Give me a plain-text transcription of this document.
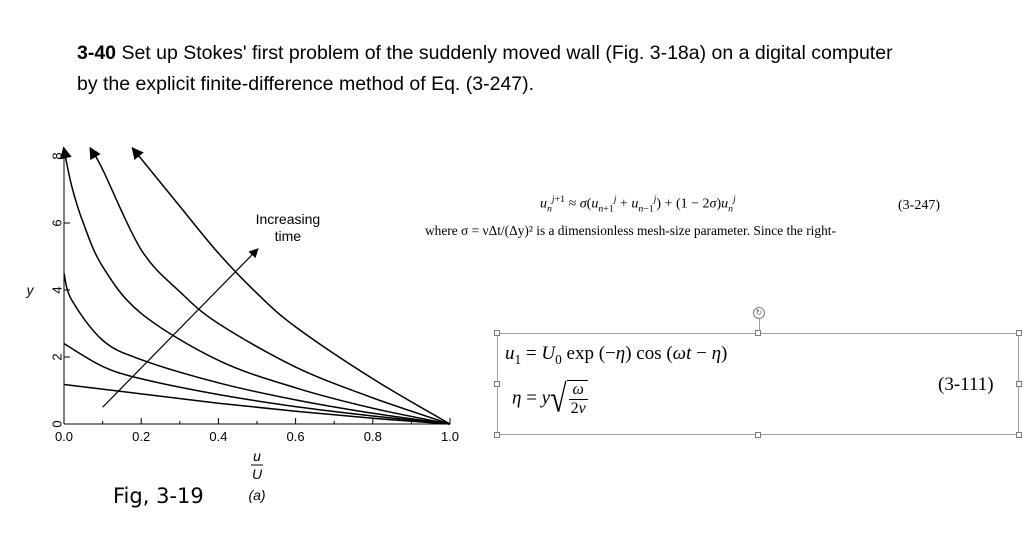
3-40 Set up Stokes' first problem of the suddenly moved wall (Fig. 3-18a) on a digital computer
by the explicit finite-difference method of Eq. (3-247).
0.0	0.2	0.4	0.6	0.8	1.0
0
2
4
6
8
y
u
U
(a)
Increasing
time
Fig, 3-19
$u_n^{j+1} \approx \sigma(u_{n+1}^j + u_{n-1}^j) + (1 - 2\sigma)u_n^j$	(3-247)
where σ = νΔt/(Δy)² is a dimensionless mesh-size parameter. Since the right-
↻
$u_1 = U_0$ exp (−η) cos (ωt − η)
$\eta = y√ \frac{\omega}{2\nu}$	(3-111)
